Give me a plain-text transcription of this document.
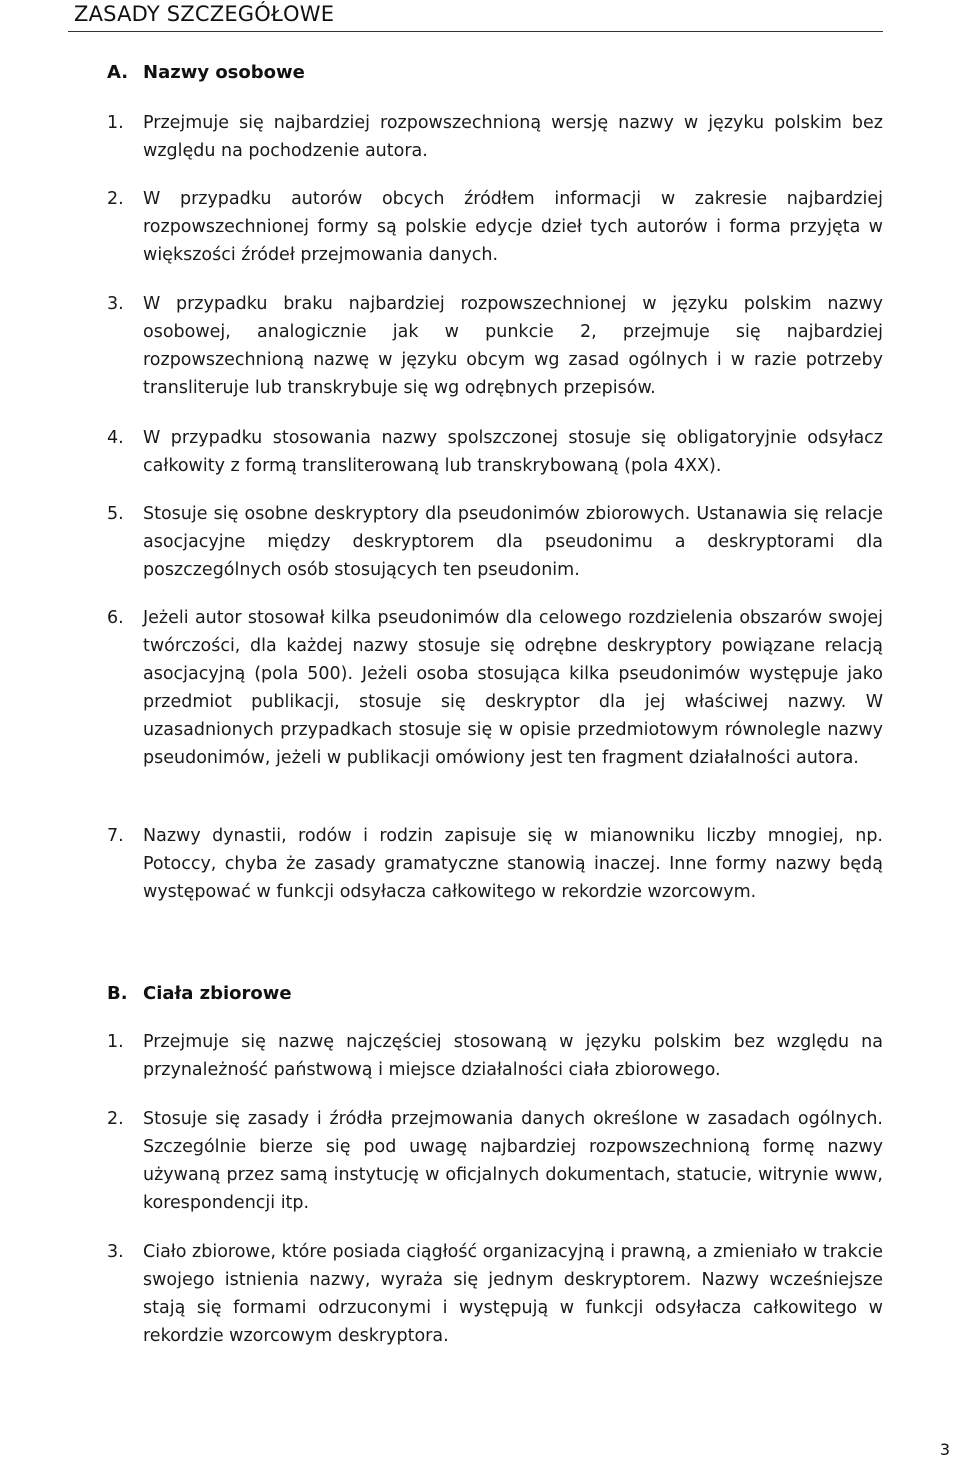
ZASADY SZCZEGÓŁOWE
A. Nazwy osobowe
1. Przejmuje się najbardziej rozpowszechnioną wersję nazwy w języku polskim bez względu na pochodzenie autora.
2. W przypadku autorów obcych źródłem informacji w zakresie najbardziej rozpowszechnionej formy są polskie edycje dzieł tych autorów i forma przyjęta w większości źródeł przejmowania danych.
3. W przypadku braku najbardziej rozpowszechnionej w języku polskim nazwy osobowej, analogicznie jak w punkcie 2, przejmuje się najbardziej rozpowszechnioną nazwę w języku obcym wg zasad ogólnych i w razie potrzeby transliteruje lub transkrybuje się wg odrębnych przepisów.
4. W przypadku stosowania nazwy spolszczonej stosuje się obligatoryjnie odsyłacz całkowity z formą transliterowaną lub transkrybowaną (pola 4XX).
5. Stosuje się osobne deskryptory dla pseudonimów zbiorowych. Ustanawia się relacje asocjacyjne między deskryptorem dla pseudonimu a deskryptorami dla poszczególnych osób stosujących ten pseudonim.
6. Jeżeli autor stosował kilka pseudonimów dla celowego rozdzielenia obszarów swojej twórczości, dla każdej nazwy stosuje się odrębne deskryptory powiązane relacją asocjacyjną (pola 500). Jeżeli osoba stosująca kilka pseudonimów występuje jako przedmiot publikacji, stosuje się deskryptor dla jej właściwej nazwy. W uzasadnionych przypadkach stosuje się w opisie przedmiotowym równolegle nazwy pseudonimów, jeżeli w publikacji omówiony jest ten fragment działalności autora.
7. Nazwy dynastii, rodów i rodzin zapisuje się w mianowniku liczby mnogiej, np. Potoccy, chyba że zasady gramatyczne stanowią inaczej. Inne formy nazwy będą występować w funkcji odsyłacza całkowitego w rekordzie wzorcowym.
B. Ciała zbiorowe
1. Przejmuje się nazwę najczęściej stosowaną w języku polskim bez względu na przynależność państwową i miejsce działalności ciała zbiorowego.
2. Stosuje się zasady i źródła przejmowania danych określone w zasadach ogólnych. Szczególnie bierze się pod uwagę najbardziej rozpowszechnioną formę nazwy używaną przez samą instytucję w oficjalnych dokumentach, statucie, witrynie www, korespondencji itp.
3. Ciało zbiorowe, które posiada ciągłość organizacyjną i prawną, a zmieniało w trakcie swojego istnienia nazwy, wyraża się jednym deskryptorem. Nazwy wcześniejsze stają się formami odrzuconymi i występują w funkcji odsyłacza całkowitego w rekordzie wzorcowym deskryptora.
3
